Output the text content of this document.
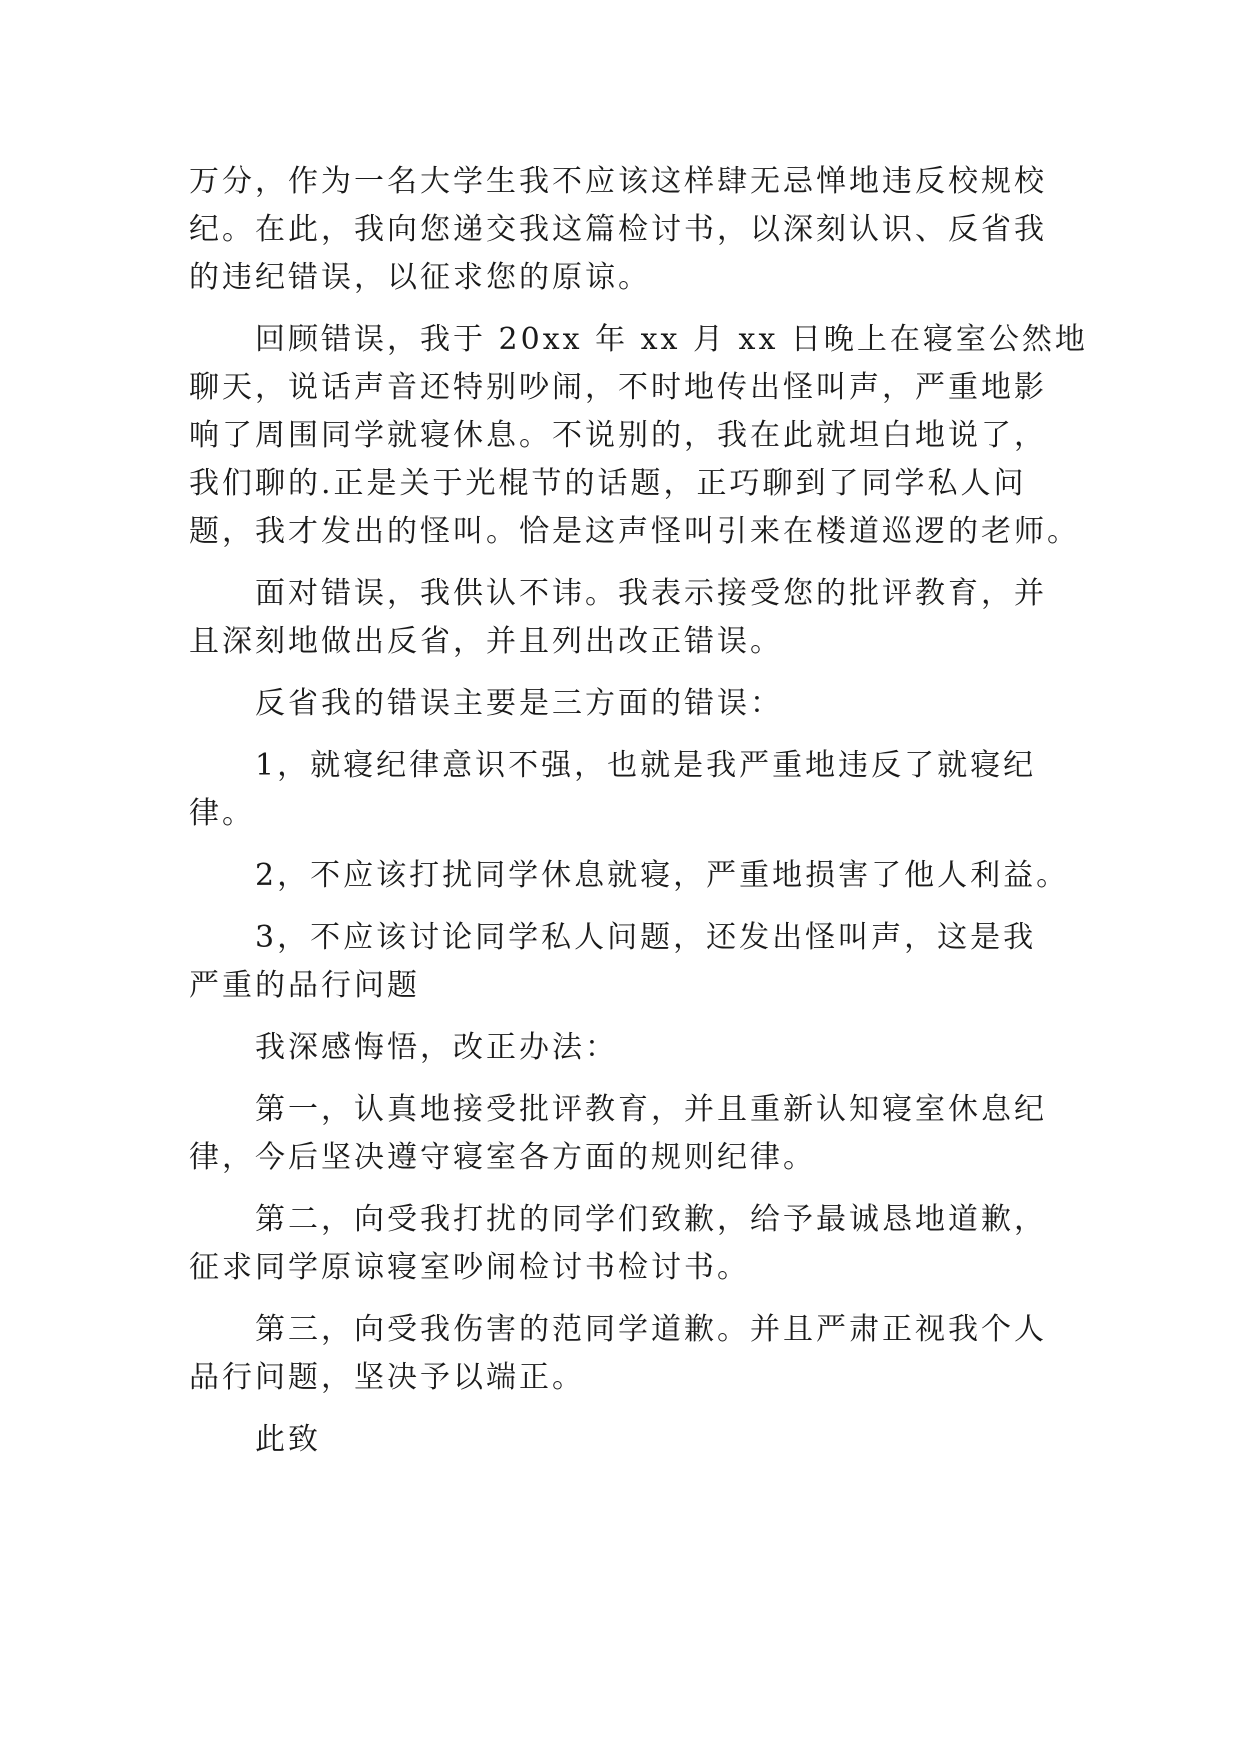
万分，作为一名大学生我不应该这样肆无忌惮地违反校规校
纪。在此，我向您递交我这篇检讨书，以深刻认识、反省我
的违纪错误，以征求您的原谅。
回顾错误，我于 20xx 年 xx 月 xx 日晚上在寝室公然地
聊天，说话声音还特别吵闹，不时地传出怪叫声，严重地影
响了周围同学就寝休息。不说别的，我在此就坦白地说了，
我们聊的.正是关于光棍节的话题，正巧聊到了同学私人问
题，我才发出的怪叫。恰是这声怪叫引来在楼道巡逻的老师。
面对错误，我供认不讳。我表示接受您的批评教育，并
且深刻地做出反省，并且列出改正错误。
反省我的错误主要是三方面的错误：
1，就寝纪律意识不强，也就是我严重地违反了就寝纪
律。
2，不应该打扰同学休息就寝，严重地损害了他人利益。
3，不应该讨论同学私人问题，还发出怪叫声，这是我
严重的品行问题
我深感悔悟，改正办法：
第一，认真地接受批评教育，并且重新认知寝室休息纪
律，今后坚决遵守寝室各方面的规则纪律。
第二，向受我打扰的同学们致歉，给予最诚恳地道歉，
征求同学原谅寝室吵闹检讨书检讨书。
第三，向受我伤害的范同学道歉。并且严肃正视我个人
品行问题，坚决予以端正。
此致
